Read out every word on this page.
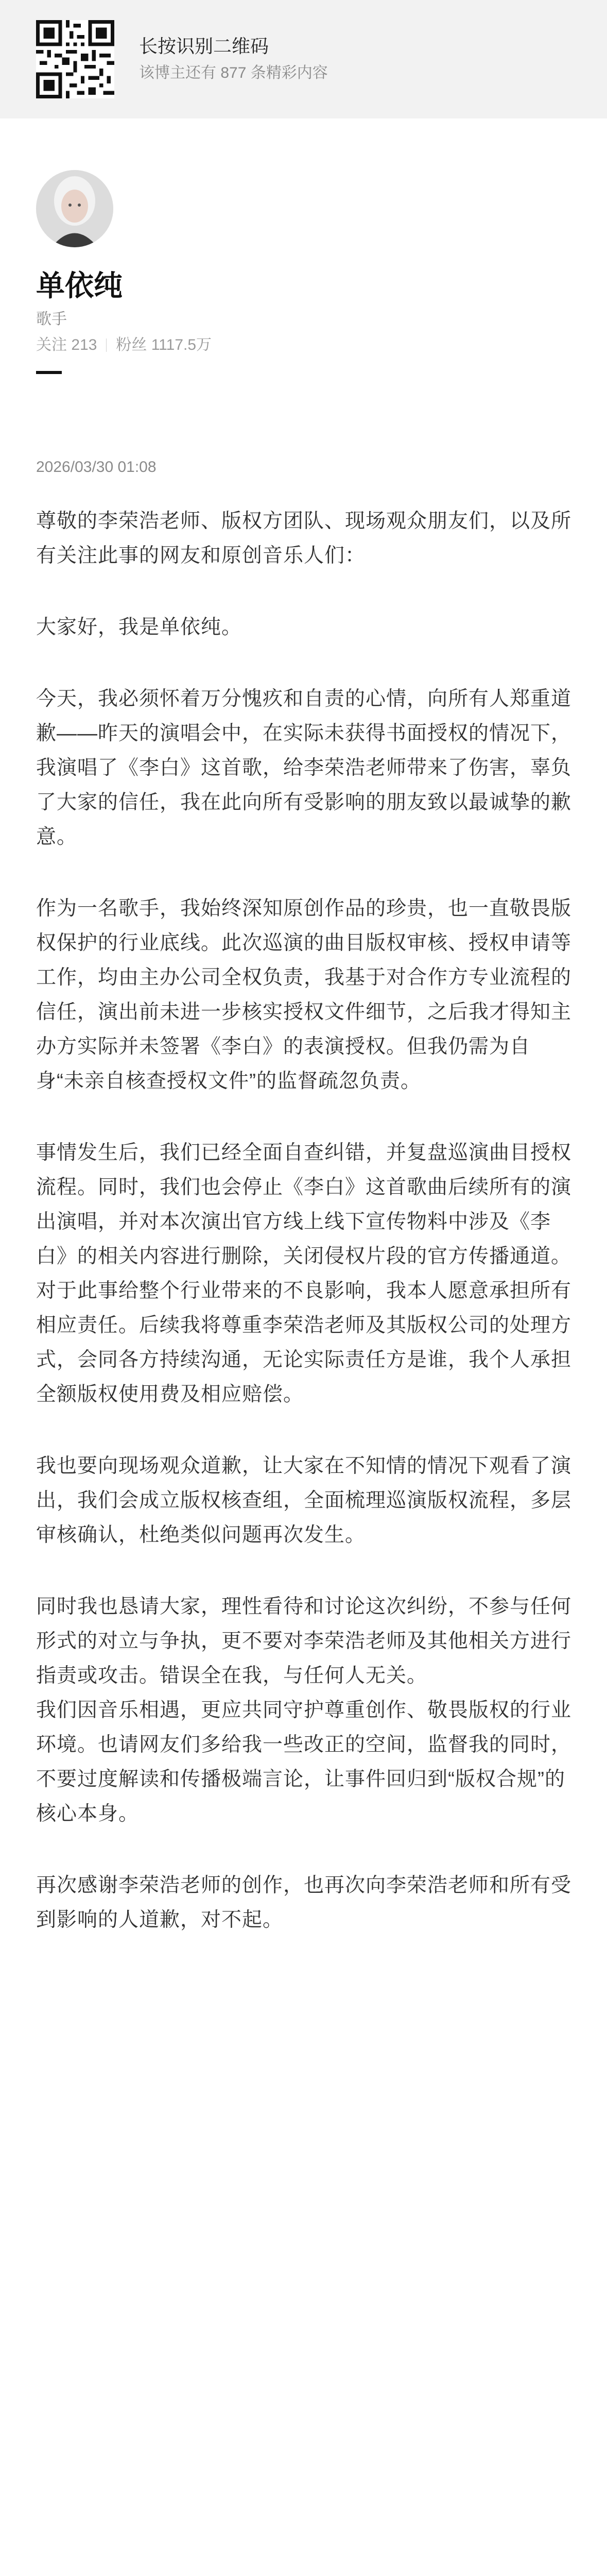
长按识别二维码
该博主还有 877 条精彩内容
单依纯
歌手
关注 213 粉丝 1117.5万
2026/03/30 01:08

尊敬的李荣浩老师、版权方团队、现场观众朋友们，以及所有关注此事的网友和原创音乐人们：

大家好，我是单依纯。

今天，我必须怀着万分愧疚和自责的心情，向所有人郑重道歉——昨天的演唱会中，在实际未获得书面授权的情况下，我演唱了《李白》这首歌，给李荣浩老师带来了伤害，辜负了大家的信任，我在此向所有受影响的朋友致以最诚挚的歉意。

作为一名歌手，我始终深知原创作品的珍贵，也一直敬畏版权保护的行业底线。此次巡演的曲目版权审核、授权申请等工作，均由主办公司全权负责，我基于对合作方专业流程的信任，演出前未进一步核实授权文件细节，之后我才得知主办方实际并未签署《李白》的表演授权。但我仍需为自身“未亲自核查授权文件”的监督疏忽负责。

事情发生后，我们已经全面自查纠错，并复盘巡演曲目授权流程。同时，我们也会停止《李白》这首歌曲后续所有的演出演唱，并对本次演出官方线上线下宣传物料中涉及《李白》的相关内容进行删除，关闭侵权片段的官方传播通道。对于此事给整个行业带来的不良影响，我本人愿意承担所有相应责任。后续我将尊重李荣浩老师及其版权公司的处理方式，会同各方持续沟通，无论实际责任方是谁，我个人承担全额版权使用费及相应赔偿。

我也要向现场观众道歉，让大家在不知情的情况下观看了演出，我们会成立版权核查组，全面梳理巡演版权流程，多层审核确认，杜绝类似问题再次发生。

同时我也恳请大家，理性看待和讨论这次纠纷，不参与任何形式的对立与争执，更不要对李荣浩老师及其他相关方进行指责或攻击。错误全在我，与任何人无关。

我们因音乐相遇，更应共同守护尊重创作、敬畏版权的行业环境。也请网友们多给我一些改正的空间，监督我的同时，不要过度解读和传播极端言论，让事件回归到“版权合规”的核心本身。

再次感谢李荣浩老师的创作，也再次向李荣浩老师和所有受到影响的人道歉，对不起。
